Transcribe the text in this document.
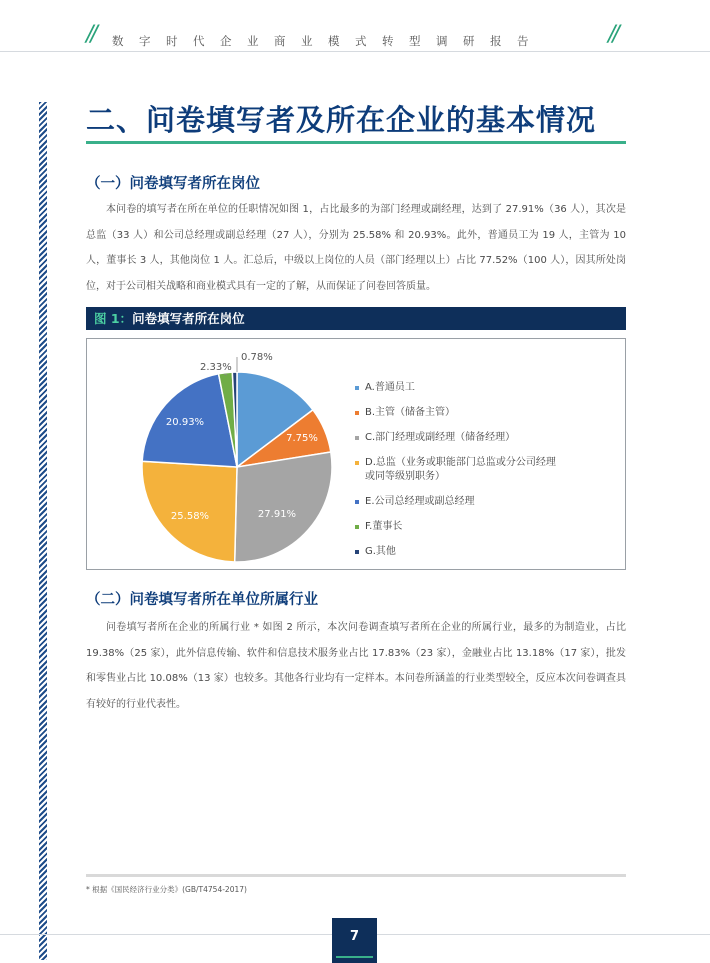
// 数字时代企业商业模式转型调研报告	//
二、问卷填写者及所在企业的基本情况
（一）问卷填写者所在岗位

本问卷的填写者在所在单位的任职情况如图 1，占比最多的为部门经理或副经理，达到了 27.91%（36 人），其次是总监（33 人）和公司总经理或副总经理（27 人），分别为 25.58% 和 20.93%。此外，普通员工为 19 人，主管为 10 人，董事长 3 人，其他岗位 1 人。汇总后，中级以上岗位的人员（部门经理以上）占比 77.52%（100 人），因其所处岗位，对于公司相关战略和商业模式具有一定的了解，从而保证了问卷回答质量。

图 1：问卷填写者所在岗位
7.75%
27.91%
25.58%
20.93%
2.33%
0.78%
A.普通员工
B.主管（储备主管）
C.部门经理或副经理（储备经理）
D.总监（业务或职能部门总监或分公司经理
或同等级别职务）
E.公司总经理或副总经理
F.董事长
G.其他
（二）问卷填写者所在单位所属行业

问卷填写者所在企业的所属行业 * 如图 2 所示，本次问卷调查填写者所在企业的所属行业，最多的为制造业，占比 19.38%（25 家），此外信息传输、软件和信息技术服务业占比 17.83%（23 家），金融业占比 13.18%（17 家），批发和零售业占比 10.08%（13 家）也较多。其他各行业均有一定样本。本问卷所涵盖的行业类型较全，反应本次问卷调查具有较好的行业代表性。

* 根据《国民经济行业分类》(GB/T4754-2017)
7
